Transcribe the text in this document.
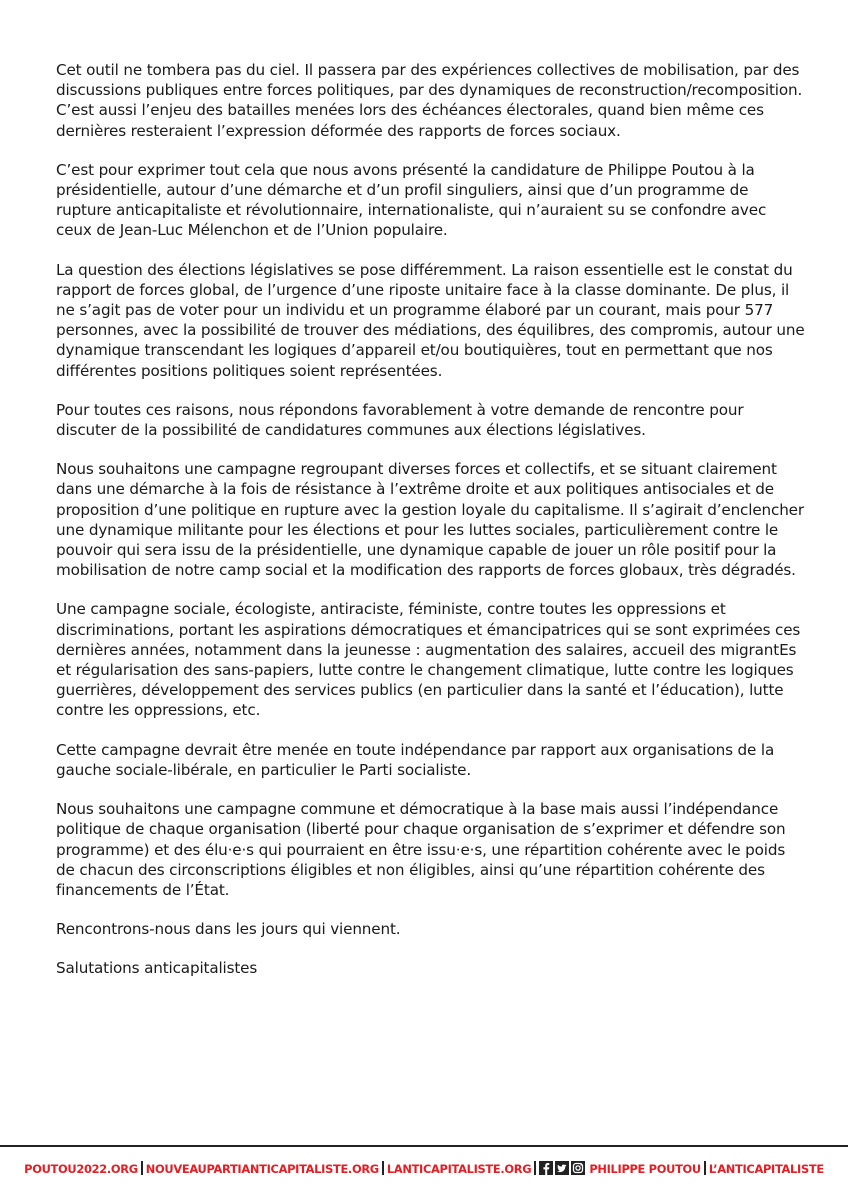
Cet outil ne tombera pas du ciel. Il passera par des expériences collectives de mobilisation, par des discussions publiques entre forces politiques, par des dynamiques de reconstruction/recomposition. C’est aussi l’enjeu des batailles menées lors des échéances électorales, quand bien même ces dernières resteraient l’expression déformée des rapports de forces sociaux.

C’est pour exprimer tout cela que nous avons présenté la candidature de Philippe Poutou à la présidentielle, autour d’une démarche et d’un profil singuliers, ainsi que d’un programme de rupture anticapitaliste et révolutionnaire, internationaliste, qui n’auraient su se confondre avec ceux de Jean-Luc Mélenchon et de l’Union populaire.

La question des élections législatives se pose différemment. La raison essentielle est le constat du rapport de forces global, de l’urgence d’une riposte unitaire face à la classe dominante. De plus, il ne s’agit pas de voter pour un individu et un programme élaboré par un courant, mais pour 577 personnes, avec la possibilité de trouver des médiations, des équilibres, des compromis, autour une dynamique transcendant les logiques d’appareil et/ou boutiquières, tout en permettant que nos différentes positions politiques soient représentées.

Pour toutes ces raisons, nous répondons favorablement à votre demande de rencontre pour discuter de la possibilité de candidatures communes aux élections législatives.

Nous souhaitons une campagne regroupant diverses forces et collectifs, et se situant clairement dans une démarche à la fois de résistance à l’extrême droite et aux politiques antisociales et de proposition d’une politique en rupture avec la gestion loyale du capitalisme. Il s’agirait d’enclencher une dynamique militante pour les élections et pour les luttes sociales, particulièrement contre le pouvoir qui sera issu de la présidentielle, une dynamique capable de jouer un rôle positif pour la mobilisation de notre camp social et la modification des rapports de forces globaux, très dégradés.

Une campagne sociale, écologiste, antiraciste, féministe, contre toutes les oppressions et discriminations, portant les aspirations démocratiques et émancipatrices qui se sont exprimées ces dernières années, notamment dans la jeunesse : augmentation des salaires, accueil des migrantEs et régularisation des sans-papiers, lutte contre le changement climatique, lutte contre les logiques guerrières, développement des services publics (en particulier dans la santé et l’éducation), lutte contre les oppressions, etc.

Cette campagne devrait être menée en toute indépendance par rapport aux organisations de la gauche sociale-libérale, en particulier le Parti socialiste.

Nous souhaitons une campagne commune et démocratique à la base mais aussi l’indépendance politique de chaque organisation (liberté pour chaque organisation de s’exprimer et défendre son programme) et des élu·e·s qui pourraient en être issu·e·s, une répartition cohérente avec le poids de chacun des circonscriptions éligibles et non éligibles, ainsi qu’une répartition cohérente des financements de l’État.

Rencontrons-nous dans les jours qui viennent.

Salutations anticapitalistes

POUTOU2022.ORG NOUVEAUPARTIANTICAPITALISTE.ORG LANTICAPITALISTE.ORG	PHILIPPE POUTOU L’ANTICAPITALISTE
